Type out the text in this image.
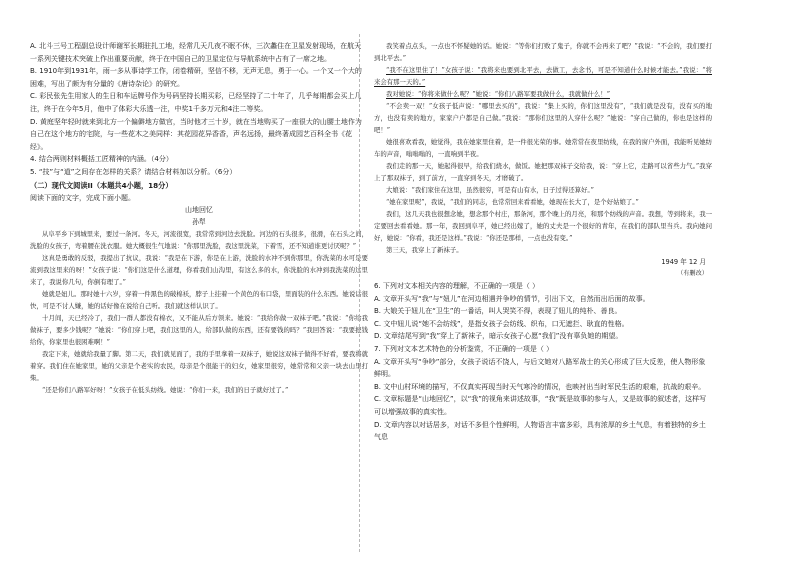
A. 北斗三号工程副总设计师谢军长期驻扎工地，经常几天几夜不眠不休，三次蠡住在卫星发射现场，在航天一系列关键技术突破上作出重要贡献，终于在中国自己的卫星定位与导航系统中占有了一席之地。

B. 1910年到1931年，雨一多从事诗学工作，闭卷精研，坚信不移，无声无息，勇于一心。一个又一个大的困难，写出了颇为有分量的《唐诗杂论》的研究。

C. 彩民张先生用家人的生日和车运牌号作为号码坚持长期买彩，已经坚持了二十年了，几乎每期都会买上几注，终于在今年5月，他中了体彩大乐透一注，中奖1千多万元和4注二等奖。

D. 黄庭坚年轻时就来到北方一个偏僻地方做官，当时他才三十岁，就在当地购买了一座很大的山腰土地作为自己在这个地方的宅院，与一些花木之美同样：其花园花异香香，声名远扬，最终著成园艺百科全书《花经》。

4. 结合两则材料概括工匠精神的内涵。（4分）

5. “技”与“道”之间存在怎样的关系？请结合材料加以分析。（6分）

（二）现代文阅读II（本题共4小题，18分）

阅读下面的文字，完成下面小题。

山地回忆

孙犁

从阜平乡下到城里来，要过一条河。冬天，河流很宽，我常常到河边去洗脸。河边的石头很多，很滑，在石头之间，洗脸的女孩子，弯着腰在洗衣服。她大概很生气地说：“你那里洗脸，我这里洗菜，下着雪，还不知道谁更讨厌呢？”

这真是勇敢的反驳，我提出了抗议，我说：“我是在下游，你是在上游，洗脸的水冲不到你那里，你洗菜的水可是要流到我这里来的呀！”女孩子说：“你们这是什么道理，你看我们山沟里，有这么多的水，你洗脸的水冲到我洗菜的这里来了，我说你几句，你倒有理了。”

她就是妞儿。那时她十六岁，穿着一件黑色的破棉袄，脖子上挂着一个黄色的布口袋，里面装的什么东西。她说话很快，可是不讨人嫌，她的话好像在说给自己听。我们就这样认识了。

十月间，天已经冷了，我们一群人都没有棉衣，又不能从后方领来。她说：“我给你做一双袜子吧。”我说：“你给我做袜子，要多少钱呢？”她说：“你们穿上吧，我们这里的人，给部队做的东西，还有要钱的吗？”我回答说：“我要把钱给你，你家里也很困难啊！”

我定下来，她就给我量了脚。第二天，我们就见面了，我的手里拿着一双袜子，她说这双袜子做得不好看，要我将就着穿。我们住在她家里，她的父亲是个老实的农民，母亲是个很能干的妇女，她家里很穷，她常常和父亲一块去山里打柴。

“还是你们八路军好呀！”女孩子在低头纺线。她说：“你们一来，我们的日子就好过了。”

我笑着点点头，一点也不怀疑她的话。她说：“等你们打败了鬼子，你就不会再来了吧？”我说：“不会的，我们要打到北平去。”

“我不在这里住了！”女孩子说：“我将来也要到北平去，去做工，去念书，可是不知道什么时候才能去。”我说：“将来会有那一天的。”

我对她说：“你将来做什么呢？”她说：“你们八路军要我做什么，我就做什么！”

“不会卖一双！”女孩子低声说：“哪里去买的”，我说：“集上买的，你们这里没有”，“我们就是没有，没有买的地方，也没有卖的地方，家家户户都是自己做。”我说：“那你们这里的人穿什么呢？”她说：“穿自己做的，你也是这样的吧！”

她很喜欢看我，她觉得，我在她家里住着，是一件很光荣的事。她常常在夜里纺线，在我的窗户外面，我能听见她纺车的声音，嗡嗡嗡的，一直响到半夜。

我们走的那一天，她起得很早，给我们烧水，做饭。她把那双袜子交给我，说：“穿上它，走路可以省些力气。”我穿上了那双袜子，到了前方，一直穿到冬天，才磨破了。

大娘说：“我们家住在这里，虽然很穷，可是有山有水，日子过得还算好。”

“她在家里呢”，我说，“我们的同志，也常常回来看看她，她现在长大了，是个好姑娘了。”

我们，这几天我也很想念她，想念那个村庄，那条河，那个晚上的月亮，和那个纺线的声音。我想，等到将来，我一定要回去看看她。那一年，我回到阜平，她已经出嫁了，她的丈夫是一个很好的青年，在我们的部队里当兵。我向她问好，她说：“你看，我还是这样。”我说：“你还是那样，一点也没有变。”

第三天，我穿上了新袜子。

1949 年 12 月

（有删改）

6. 下列对文本相关内容的理解，不正确的一项是（ ）

A. 文章开头写“我”与“妞儿”在河边相遇并争吵的情节，引出下文，自然而出后面的故事。

B. 大娘关于妞儿在“卫生”的一番话，叫人哭笑不得，表现了妞儿的纯朴、善良。

C. 文中妞儿说“她不会纺线”，是指女孩子会纺线、织布，口无遮拦、耿直的性格。

D. 文章结尾写到“我”穿上了新袜子，暗示女孩子心愿“我们”没有辜负她的期望。

7. 下列对文本艺术特色的分析鉴赏，不正确的一项是（ ）

A. 文章开头写“争吵”部分，女孩子说话不饶人，与后文她对八路军战士的关心形成了巨大反差，使人物形象鲜明。

B. 文中山村环境的描写，不仅真实再现当时天气寒冷的情况，也映衬出当时军民生活的艰难，抗战的艰辛。

C. 文章标题是“山地回忆”，以“我”的视角来讲述故事，“我”既是故事的参与人，又是故事的叙述者，这样写可以增强故事的真实性。

D. 文章内容以对话居多，对话不多但个性鲜明，人物语言丰富多彩，具有浓厚的乡土气息，有着独特的乡土气息
